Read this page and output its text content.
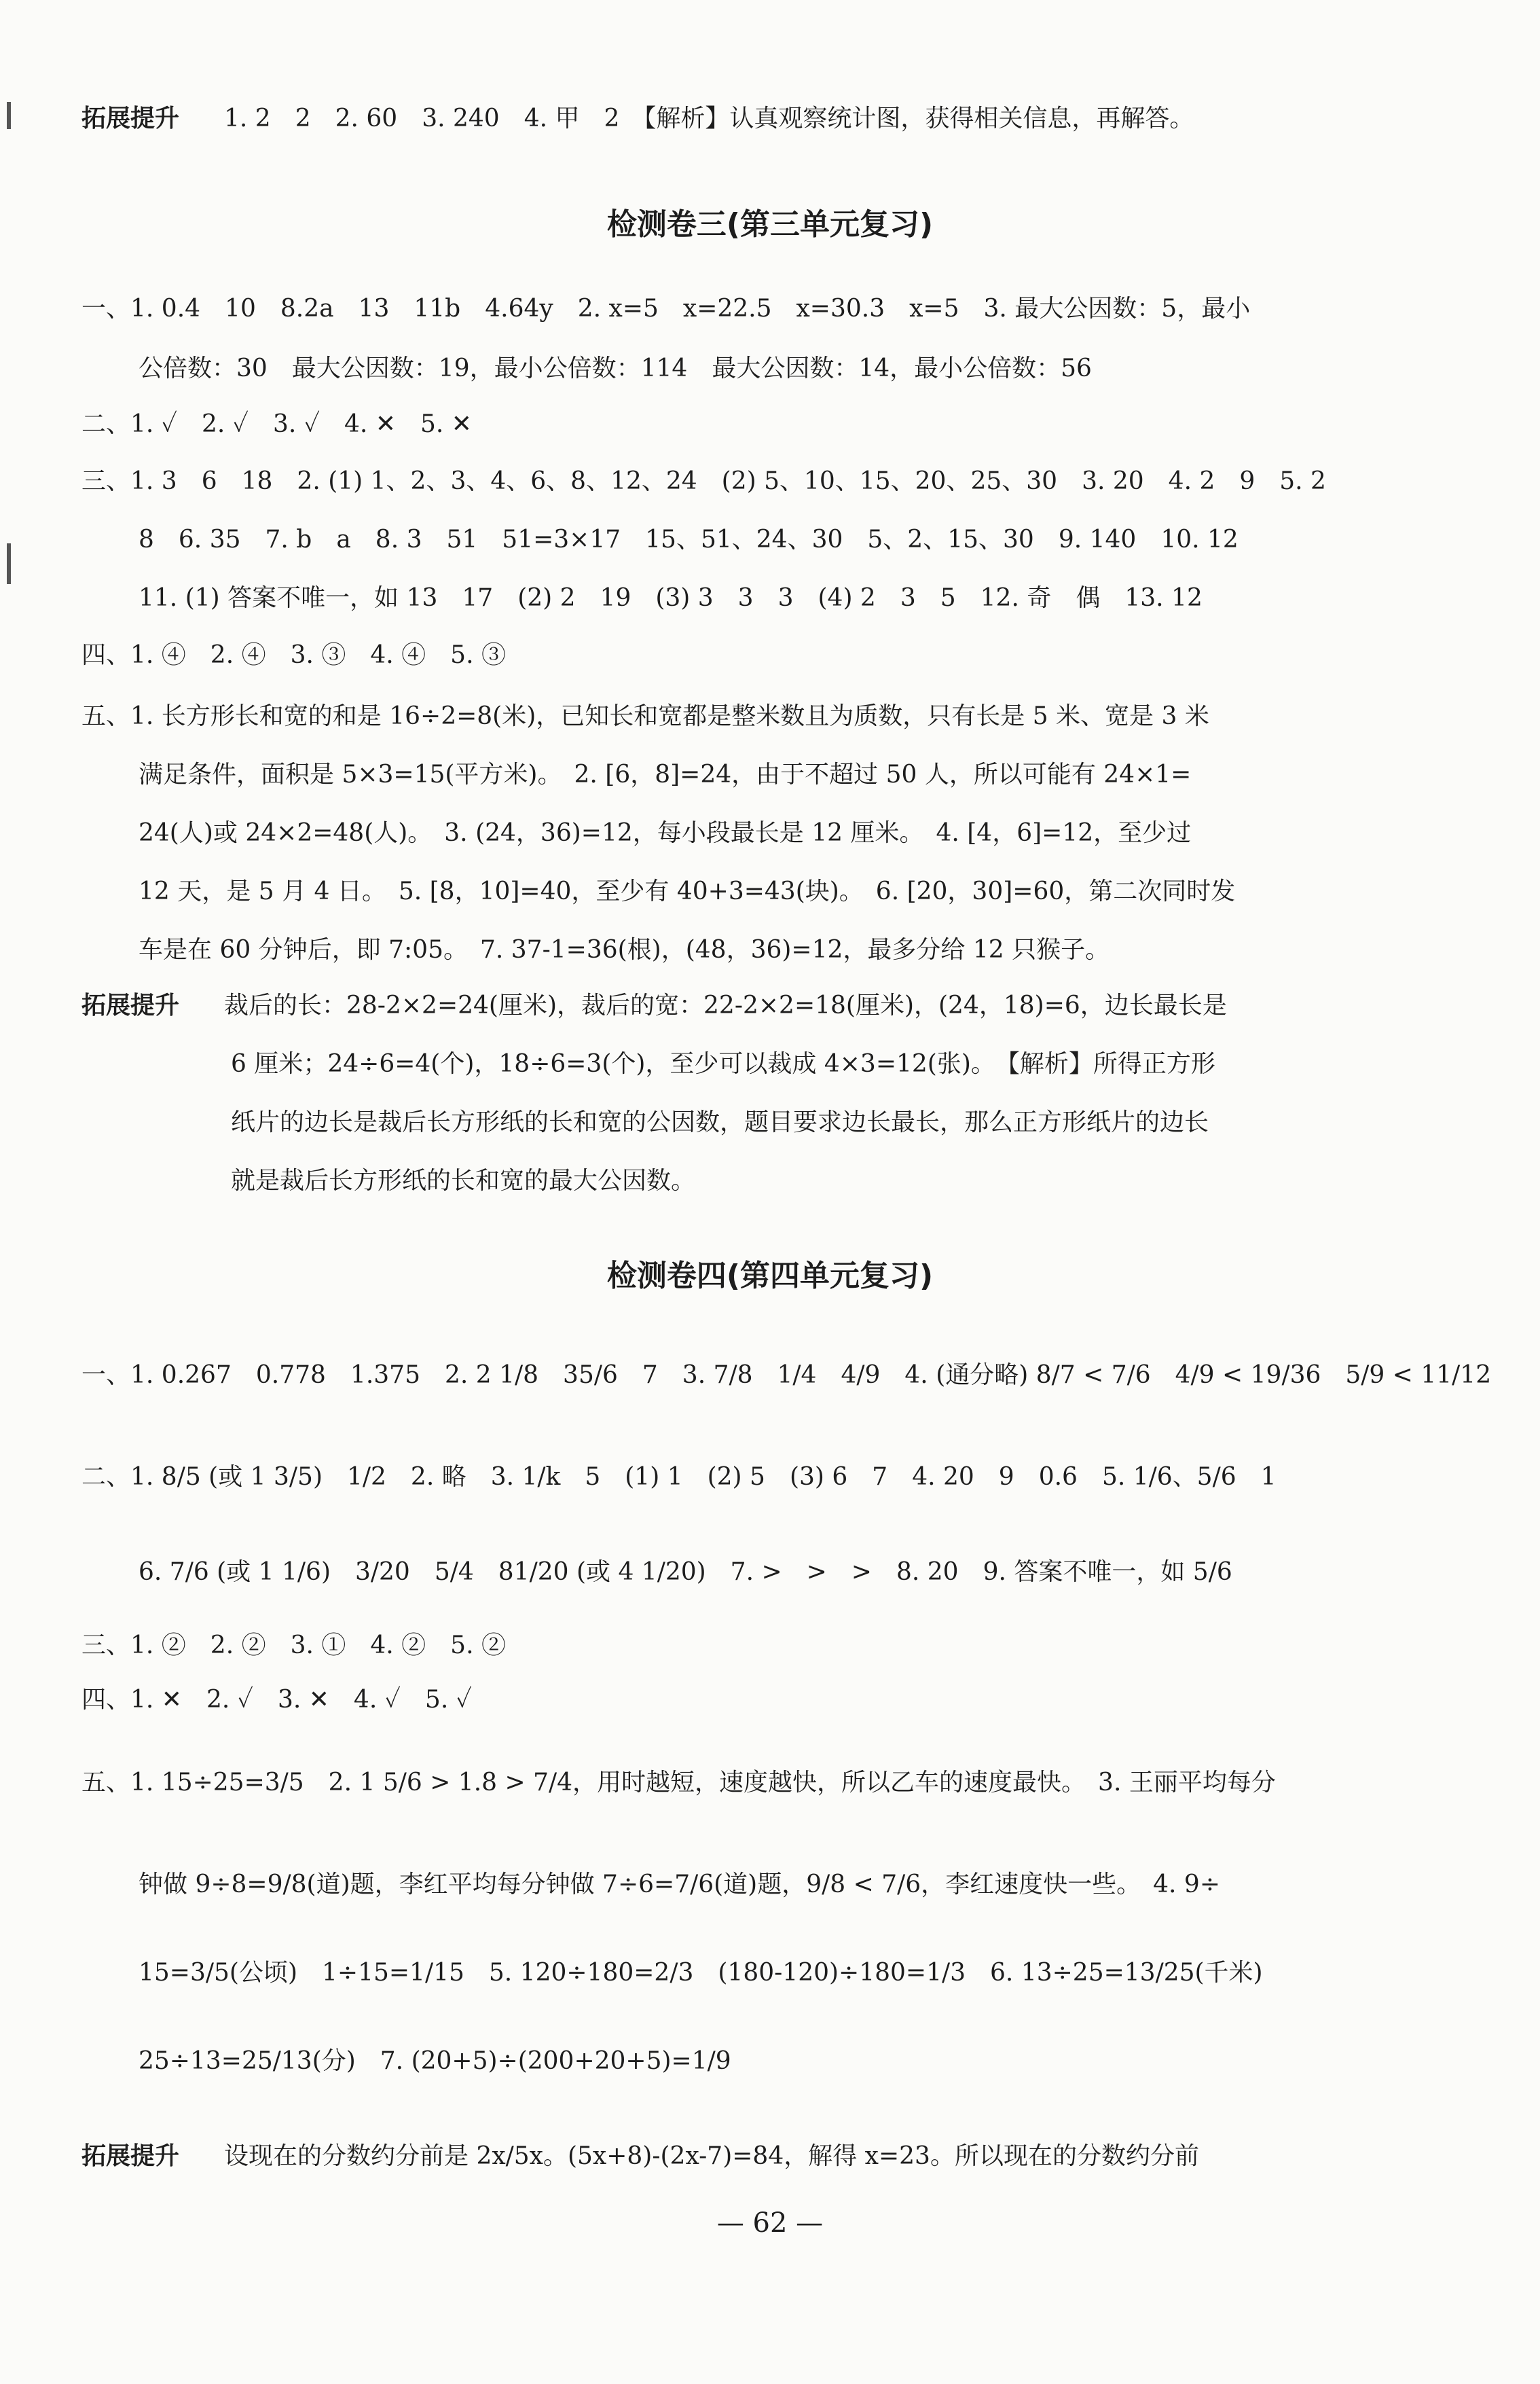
拓展提升 1. 2　2　2. 60　3. 240　4. 甲　2　【解析】认真观察统计图，获得相关信息，再解答。
检测卷三(第三单元复习)
一、1. 0.4　10　8.2a　13　11b　4.64y　2. x=5　x=22.5　x=30.3　x=5　3. 最大公因数：5，最小
公倍数：30　最大公因数：19，最小公倍数：114　最大公因数：14，最小公倍数：56
二、1. ✓　2. ✓　3. ✓　4. ✕　5. ✕
三、1. 3　6　18　2. (1) 1、2、3、4、6、8、12、24　(2) 5、10、15、20、25、30　3. 20　4. 2　9　5. 2
8　6. 35　7. b　a　8. 3　51　51=3×17　15、51、24、30　5、2、15、30　9. 140　10. 12
11. (1) 答案不唯一，如 13　17　(2) 2　19　(3) 3　3　3　(4) 2　3　5　12. 奇　偶　13. 12
四、1. ④　2. ④　3. ③　4. ④　5. ③
五、1. 长方形长和宽的和是 16÷2=8(米)，已知长和宽都是整米数且为质数，只有长是 5 米、宽是 3 米
满足条件，面积是 5×3=15(平方米)。　2. [6，8]=24，由于不超过 50 人，所以可能有 24×1=
24(人)或 24×2=48(人)。　3. (24，36)=12，每小段最长是 12 厘米。　4. [4，6]=12，至少过
12 天，是 5 月 4 日。　5. [8，10]=40，至少有 40+3=43(块)。　6. [20，30]=60，第二次同时发
车是在 60 分钟后，即 7:05。　7. 37-1=36(根)，(48，36)=12，最多分给 12 只猴子。
拓展提升 裁后的长：28-2×2=24(厘米)，裁后的宽：22-2×2=18(厘米)，(24，18)=6，边长最长是
6 厘米；24÷6=4(个)，18÷6=3(个)，至少可以裁成 4×3=12(张)。　【解析】所得正方形
纸片的边长是裁后长方形纸的长和宽的公因数，题目要求边长最长，那么正方形纸片的边长
就是裁后长方形纸的长和宽的最大公因数。
检测卷四(第四单元复习)
一、1. 0.267　0.778　1.375　2. 2 1/8　35/6　7　3. 7/8　1/4　4/9　4. (通分略) 8/7 < 7/6　4/9 < 19/36　5/9 < 11/12
二、1. 8/5 (或 1 3/5)　1/2　2. 略　3. 1/k　5　(1) 1　(2) 5　(3) 6　7　4. 20　9　0.6　5. 1/6、5/6　1
6. 7/6 (或 1 1/6)　3/20　5/4　81/20 (或 4 1/20)　7. >　>　>　8. 20　9. 答案不唯一，如 5/6
三、1. ②　2. ②　3. ①　4. ②　5. ②
四、1. ✕　2. ✓　3. ✕　4. ✓　5. ✓
五、1. 15÷25=3/5　2. 1 5/6 > 1.8 > 7/4，用时越短，速度越快，所以乙车的速度最快。　3. 王丽平均每分
钟做 9÷8=9/8(道)题，李红平均每分钟做 7÷6=7/6(道)题，9/8 < 7/6，李红速度快一些。　4. 9÷
15=3/5(公顷)　1÷15=1/15　5. 120÷180=2/3　(180-120)÷180=1/3　6. 13÷25=13/25(千米)
25÷13=25/13(分)　7. (20+5)÷(200+20+5)=1/9
拓展提升 设现在的分数约分前是 2x/5x。(5x+8)-(2x-7)=84，解得 x=23。所以现在的分数约分前
— 62 —
